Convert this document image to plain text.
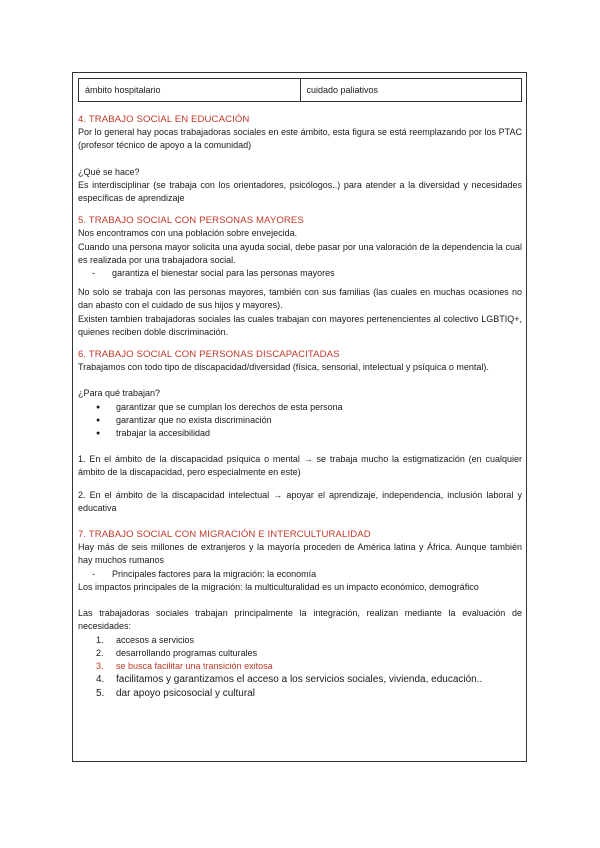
ámbito hospitalario	cuidado paliativos

4. TRABAJO SOCIAL EN EDUCACIÓN

Por lo general hay pocas trabajadoras sociales en este ámbito, esta figura se está reemplazando por los PTAC (profesor técnico de apoyo a la comunidad)

¿Qué se hace?

Es interdisciplinar (se trabaja con los orientadores, psicólogos..) para atender a la diversidad y necesidades específicas de aprendizaje

5. TRABAJO SOCIAL CON PERSONAS MAYORES

Nos encontramos con una población sobre envejecida.

Cuando una persona mayor solicita una ayuda social, debe pasar por una valoración de la dependencia la cual es realizada por una trabajadora social.

-	garantiza el bienestar social para las personas mayores

No solo se trabaja con las personas mayores, también con sus familias (las cuales en muchas ocasiones no dan abasto con el cuidado de sus hijos y mayores).

Existen tambien trabajadoras sociales las cuales trabajan con mayores pertenencientes al colectivo LGBTIQ+, quienes reciben doble discriminación.

6. TRABAJO SOCIAL CON PERSONAS DISCAPACITADAS

Trabajamos con todo tipo de discapacidad/diversidad (física, sensorial, intelectual y psíquica o mental).

¿Para qué trabajan?

●	garantizar que se cumplan los derechos de esta persona
●	garantizar que no exista discriminación
●	trabajar la accesibilidad

1. En el ámbito de la discapacidad psíquica o mental → se trabaja mucho la estigmatización (en cualquier ámbito de la discapacidad, pero especialmente en este)

2. En el ámbito de la discapacidad intelectual → apoyar el aprendizaje, independencia, inclusión laboral y educativa

7. TRABAJO SOCIAL CON MIGRACIÓN E INTERCULTURALIDAD

Hay más de seis millones de extranjeros y la mayoría proceden de América latina y África. Aunque también hay muchos rumanos

-	Principales factores para la migración: la economía

Los impactos principales de la migración: la multiculturalidad es un impacto económico, demográfico

Las trabajadoras sociales trabajan principalmente la integración, realizan mediante la evaluación de necesidades:

1.	accesos a servicios
2.	desarrollando programas culturales
3.	se busca facilitar una transición exitosa
4.	facilitamos y garantizamos el acceso a los servicios sociales, vivienda, educación..
5.	dar apoyo psicosocial y cultural
